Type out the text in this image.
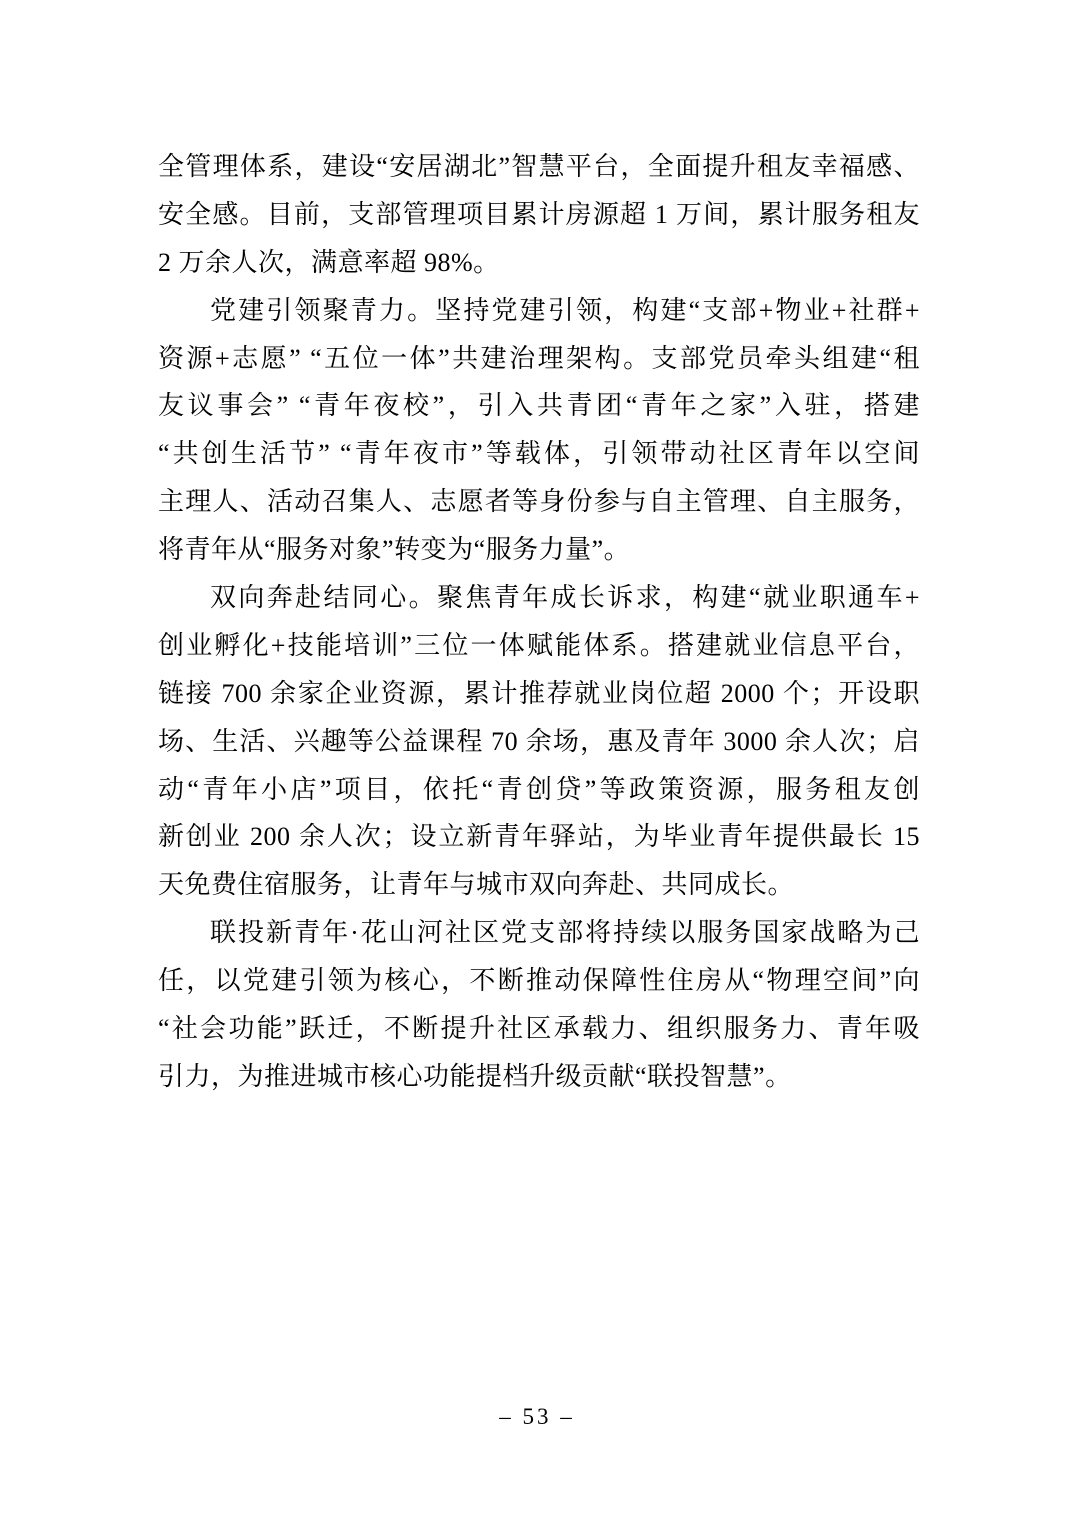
全管理体系，建设“安居湖北”智慧平台，全面提升租友幸福感、
安全感。目前，支部管理项目累计房源超 1 万间，累计服务租友
2 万余人次，满意率超 98%。
党建引领聚青力。坚持党建引领，构建“支部+物业+社群+
资源+志愿” “五位一体”共建治理架构。支部党员牵头组建“租
友议事会” “青年夜校”，引入共青团“青年之家”入驻，搭建
“共创生活节” “青年夜市”等载体，引领带动社区青年以空间
主理人、活动召集人、志愿者等身份参与自主管理、自主服务，
将青年从“服务对象”转变为“服务力量”。
双向奔赴结同心。聚焦青年成长诉求，构建“就业职通车+
创业孵化+技能培训”三位一体赋能体系。搭建就业信息平台，
链接 700 余家企业资源，累计推荐就业岗位超 2000 个；开设职
场、生活、兴趣等公益课程 70 余场，惠及青年 3000 余人次；启
动“青年小店”项目，依托“青创贷”等政策资源，服务租友创
新创业 200 余人次；设立新青年驿站，为毕业青年提供最长 15
天免费住宿服务，让青年与城市双向奔赴、共同成长。
联投新青年·花山河社区党支部将持续以服务国家战略为己
任，以党建引领为核心，不断推动保障性住房从“物理空间”向
“社会功能”跃迁，不断提升社区承载力、组织服务力、青年吸
引力，为推进城市核心功能提档升级贡献“联投智慧”。
– 53 –
